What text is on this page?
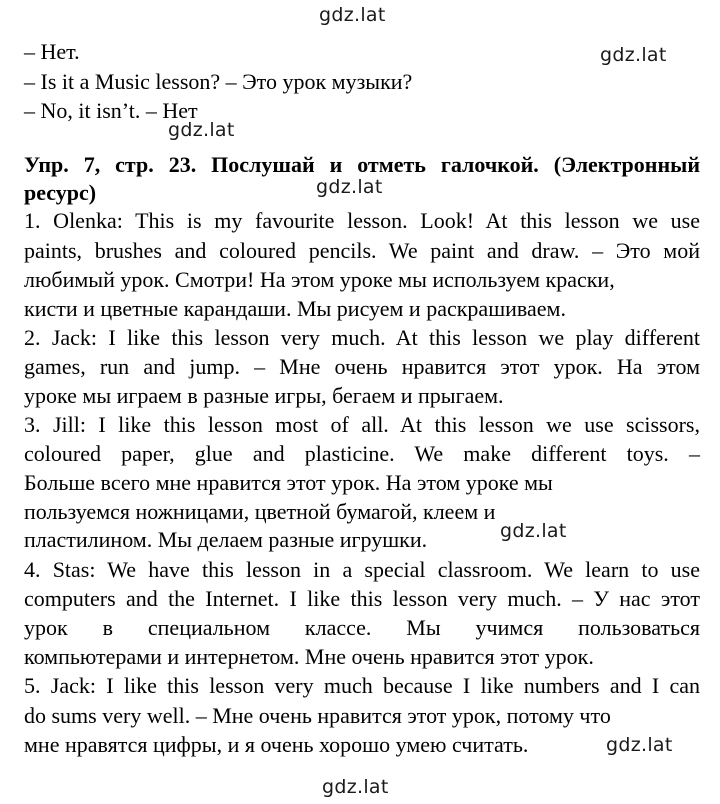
gdz.lat
gdz.lat
gdz.lat
gdz.lat
gdz.lat
gdz.lat
gdz.lat
– Нет.
– Is it a Music lesson? – Это урок музыки?
– No, it isn’t. – Нет
Упр. 7, стр. 23. Послушай и отметь галочкой. (Электронный
ресурс)
1. Olenka: This is my favourite lesson. Look! At this lesson we use
paints, brushes and coloured pencils. We paint and draw. – Это мой
любимый урок. Смотри! На этом уроке мы используем краски,
кисти и цветные карандаши. Мы рисуем и раскрашиваем.
2. Jack: I like this lesson very much. At this lesson we play different
games, run and jump. – Мне очень нравится этот урок. На этом
уроке мы играем в разные игры, бегаем и прыгаем.
3. Jill: I like this lesson most of all. At this lesson we use scissors,
coloured paper, glue and plasticine. We make different toys. –
Больше всего мне нравится этот урок. На этом уроке мы
пользуемся ножницами, цветной бумагой, клеем и
пластилином. Мы делаем разные игрушки.
4. Stas: We have this lesson in a special classroom. We learn to use
computers and the Internet. I like this lesson very much. – У нас этот
урок в специальном классе. Мы учимся пользоваться
компьютерами и интернетом. Мне очень нравится этот урок.
5. Jack: I like this lesson very much because I like numbers and I can
do sums very well. – Мне очень нравится этот урок, потому что
мне нравятся цифры, и я очень хорошо умею считать.
